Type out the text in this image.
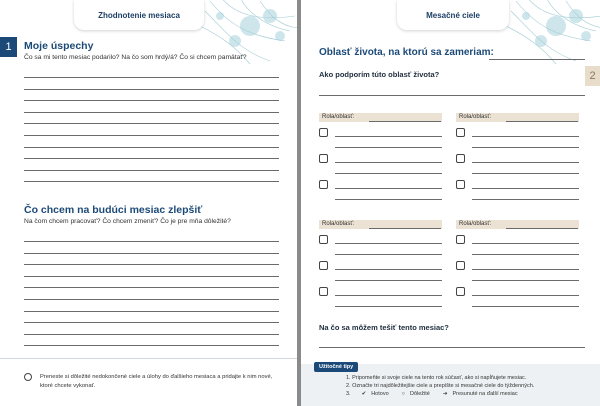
Zhodnotenie mesiaca
1	Moje úspechy
Čo sa mi tento mesiac podarilo? Na čo som hrdý/á? Čo si chcem pamätať?
Čo chcem na budúci mesiac zlepšiť
Na čom chcem pracovať? Čo chcem zmeniť? Čo je pre mňa dôležité?
Preneste si dôležité nedokončené ciele a úlohy do ďalšieho mesiaca a pridajte k nim nové, ktoré chcete vykonať.
Mesačné ciele
Oblasť života, na ktorú sa zameriam:
2
Ako podporím túto oblasť života?
Rola/oblasť:	Rola/oblasť:
Rola/oblasť:	Rola/oblasť:
Na čo sa môžem tešiť tento mesiac?
Užitočné tipy
1. Pripomeňte si svoje ciele na tento rok súčasť, ako si napĺňujete mesiac.
2. Označte tri najdôležitejšie ciele a prepíšte si mesačné ciele do týždenných.
3. ✔ Hotovo ○ Dôležité ➔ Presunuté na ďalší mesiac
